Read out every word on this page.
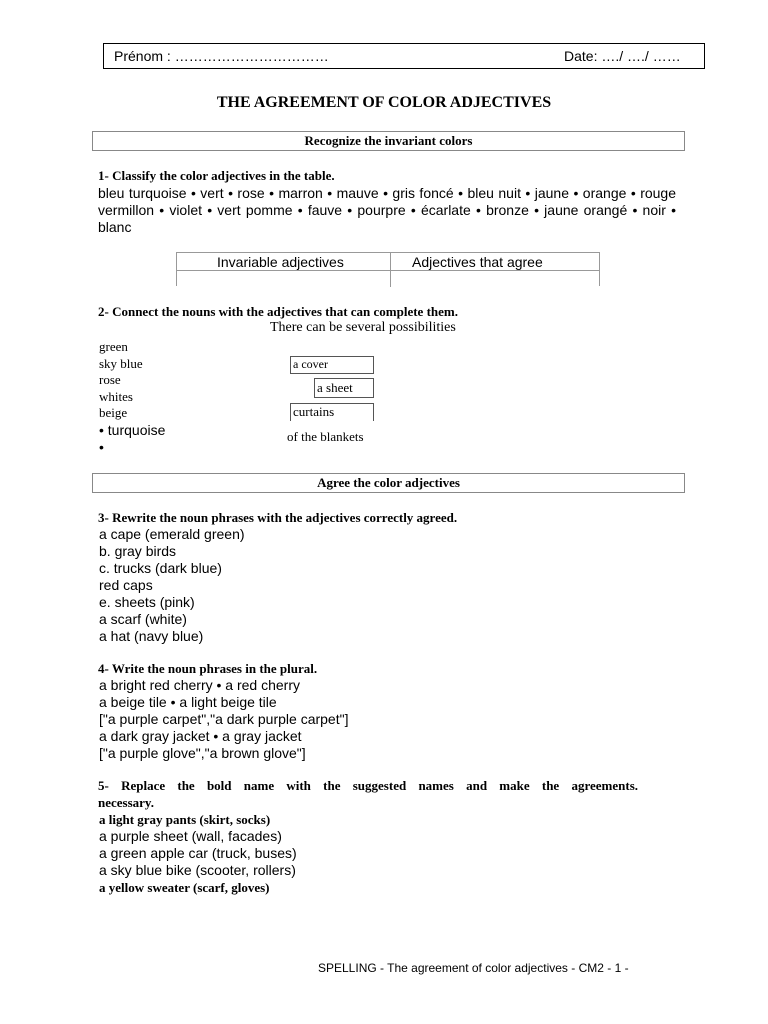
Prénom : ……………………………	Date: …./ …./ ……
THE AGREEMENT OF COLOR ADJECTIVES
Recognize the invariant colors
1- Classify the color adjectives in the table.
bleu turquoise • vert • rose • marron • mauve • gris foncé • bleu nuit • jaune • orange • rouge vermillon • violet • vert pomme • fauve • pourpre • écarlate • bronze • jaune orangé • noir • blanc
Invariable adjectives	Adjectives that agree
2- Connect the nouns with the adjectives that can complete them.
There can be several possibilities
green
sky blue
rose
whites
beige
• turquoise
•
a cover
a sheet
curtains
of the blankets
Agree the color adjectives
3- Rewrite the noun phrases with the adjectives correctly agreed.
a cape (emerald green)
b. gray birds
c. trucks (dark blue)
red caps
e. sheets (pink)
a scarf (white)
a hat (navy blue)
4- Write the noun phrases in the plural.
a bright red cherry • a red cherry
a beige tile • a light beige tile
["a purple carpet","a dark purple carpet"]
a dark gray jacket • a gray jacket
["a purple glove","a brown glove"]
5- Replace the bold name with the suggested names and make the agreements.
necessary.
a light gray pants (skirt, socks)
a purple sheet (wall, facades)
a green apple car (truck, buses)
a sky blue bike (scooter, rollers)
a yellow sweater (scarf, gloves)
SPELLING - The agreement of color adjectives - CM2 - 1 -
